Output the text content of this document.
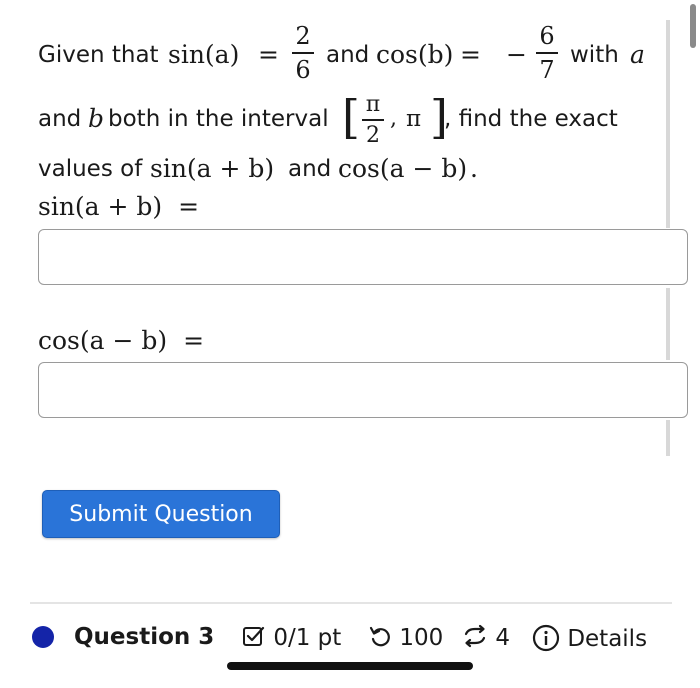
Given that sin(a) =
2
6
and cos(b) = −
6
7
with a
and b both in the interval [ π
2
, π ]
, find the exact
values of sin(a + b) and cos(a − b) .
sin(a + b) =
cos(a − b) =
Submit Question
Question 3	0/1 pt	100	4	Details
